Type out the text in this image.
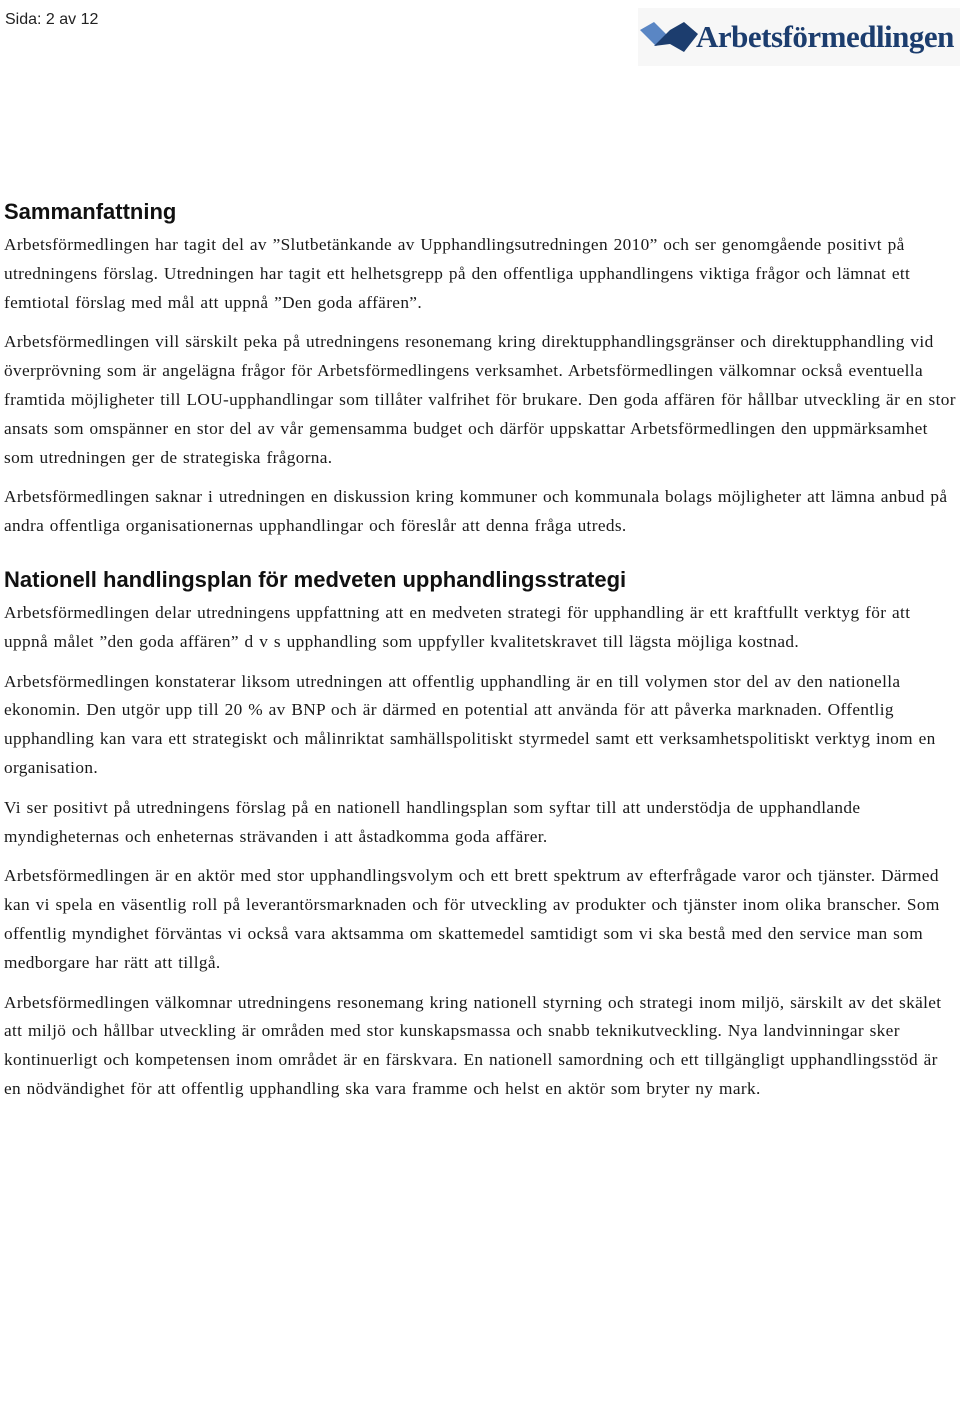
Sida: 2 av 12	Arbetsförmedlingen
Sammanfattning

Arbetsförmedlingen har tagit del av ”Slutbetänkande av Upphandlingsutredningen 2010” och ser genomgående positivt på utredningens förslag. Utredningen har tagit ett helhetsgrepp på den offentliga upphandlingens viktiga frågor och lämnat ett femtiotal förslag med mål att uppnå ”Den goda affären”.

Arbetsförmedlingen vill särskilt peka på utredningens resonemang kring direktupphandlingsgränser och direktupphandling vid överprövning som är angelägna frågor för Arbetsförmedlingens verksamhet. Arbetsförmedlingen välkomnar också eventuella framtida möjligheter till LOU-upphandlingar som tillåter valfrihet för brukare. Den goda affären för hållbar utveckling är en stor ansats som omspänner en stor del av vår gemensamma budget och därför uppskattar Arbetsförmedlingen den uppmärksamhet som utredningen ger de strategiska frågorna.

Arbetsförmedlingen saknar i utredningen en diskussion kring kommuner och kommunala bolags möjligheter att lämna anbud på andra offentliga organisationernas upphandlingar och föreslår att denna fråga utreds.

Nationell handlingsplan för medveten upphandlingsstrategi

Arbetsförmedlingen delar utredningens uppfattning att en medveten strategi för upphandling är ett kraftfullt verktyg för att uppnå målet ”den goda affären” d v s upphandling som uppfyller kvalitetskravet till lägsta möjliga kostnad.

Arbetsförmedlingen konstaterar liksom utredningen att offentlig upphandling är en till volymen stor del av den nationella ekonomin. Den utgör upp till 20 % av BNP och är därmed en potential att använda för att påverka marknaden. Offentlig upphandling kan vara ett strategiskt och målinriktat samhällspolitiskt styrmedel samt ett verksamhetspolitiskt verktyg inom en organisation.

Vi ser positivt på utredningens förslag på en nationell handlingsplan som syftar till att understödja de upphandlande myndigheternas och enheternas strävanden i att åstadkomma goda affärer.

Arbetsförmedlingen är en aktör med stor upphandlingsvolym och ett brett spektrum av efterfrågade varor och tjänster. Därmed kan vi spela en väsentlig roll på leverantörsmarknaden och för utveckling av produkter och tjänster inom olika branscher. Som offentlig myndighet förväntas vi också vara aktsamma om skattemedel samtidigt som vi ska bestå med den service man som medborgare har rätt att tillgå.

Arbetsförmedlingen välkomnar utredningens resonemang kring nationell styrning och strategi inom miljö, särskilt av det skälet att miljö och hållbar utveckling är områden med stor kunskapsmassa och snabb teknikutveckling. Nya landvinningar sker kontinuerligt och kompetensen inom området är en färskvara. En nationell samordning och ett tillgängligt upphandlingsstöd är en nödvändighet för att offentlig upphandling ska vara framme och helst en aktör som bryter ny mark.
